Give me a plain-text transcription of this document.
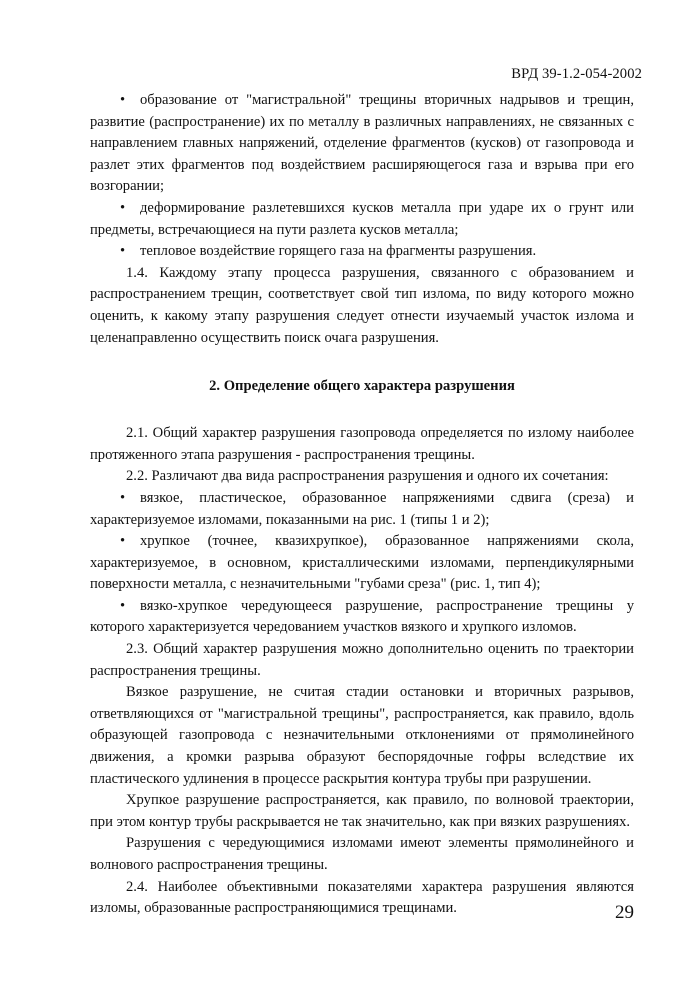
ВРД 39-1.2-054-2002

• образование от "магистральной" трещины вторичных надрывов и трещин, развитие (распространение) их по металлу в различных направлениях, не связанных с направлением главных напряжений, отделение фрагментов (кусков) от газопровода и разлет этих фрагментов под воздействием расширяющегося газа и взрыва при его возгорании;

• деформирование разлетевшихся кусков металла при ударе их о грунт или предметы, встречающиеся на пути разлета кусков металла;

• тепловое воздействие горящего газа на фрагменты разрушения.

1.4. Каждому этапу процесса разрушения, связанного с образованием и распространением трещин, соответствует свой тип излома, по виду которого можно оценить, к какому этапу разрушения следует отнести изучаемый участок излома и целенаправленно осуществить поиск очага разрушения.

2. Определение общего характера разрушения

2.1. Общий характер разрушения газопровода определяется по излому наиболее протяженного этапа разрушения - распространения трещины.

2.2. Различают два вида распространения разрушения и одного их сочетания:

• вязкое, пластическое, образованное напряжениями сдвига (среза) и характеризуемое изломами, показанными на рис. 1 (типы 1 и 2);

• хрупкое (точнее, квазихрупкое), образованное напряжениями скола, характеризуемое, в основном, кристаллическими изломами, перпендикулярными поверхности металла, с незначительными "губами среза" (рис. 1, тип 4);

• вязко-хрупкое чередующееся разрушение, распространение трещины у которого характеризуется чередованием участков вязкого и хрупкого изломов.

2.3. Общий характер разрушения можно дополнительно оценить по траектории распространения трещины.

Вязкое разрушение, не считая стадии остановки и вторичных разрывов, ответвляющихся от "магистральной трещины", распространяется, как правило, вдоль образующей газопровода с незначительными отклонениями от прямолинейного движения, а кромки разрыва образуют беспорядочные гофры вследствие их пластического удлинения в процессе раскрытия контура трубы при разрушении.

Хрупкое разрушение распространяется, как правило, по волновой траектории, при этом контур трубы раскрывается не так значительно, как при вязких разрушениях.

Разрушения с чередующимися изломами имеют элементы прямолинейного и волнового распространения трещины.

2.4. Наиболее объективными показателями характера разрушения являются изломы, образованные распространяющимися трещинами.	29
